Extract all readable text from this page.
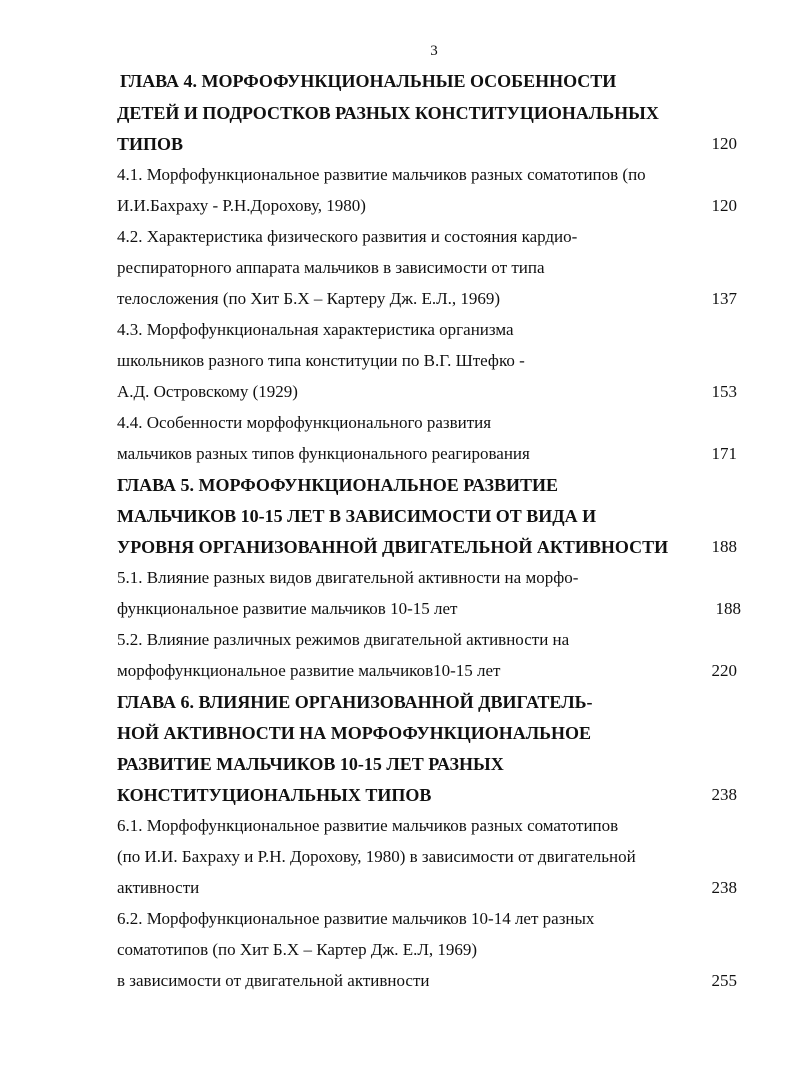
3
ГЛАВА 4. МОРФОФУНКЦИОНАЛЬНЫЕ ОСОБЕННОСТИ
ДЕТЕЙ И ПОДРОСТКОВ РАЗНЫХ КОНСТИТУЦИОНАЛЬНЫХ
ТИПОВ	120
4.1. Морфофункциональное развитие мальчиков разных соматотипов (по
И.И.Бахраху - Р.Н.Дорохову, 1980)	120
4.2. Характеристика физического развития и состояния кардио-
респираторного аппарата мальчиков в зависимости от типа
телосложения (по Хит Б.Х – Картеру Дж. Е.Л., 1969)	137
4.3. Морфофункциональная характеристика организма
школьников разного типа конституции по В.Г. Штефко -
А.Д. Островскому (1929)	153
4.4. Особенности морфофункционального развития
мальчиков разных типов функционального реагирования	171
ГЛАВА 5. МОРФОФУНКЦИОНАЛЬНОЕ РАЗВИТИЕ
МАЛЬЧИКОВ 10-15 ЛЕТ В ЗАВИСИМОСТИ ОТ ВИДА И
УРОВНЯ ОРГАНИЗОВАННОЙ ДВИГАТЕЛЬНОЙ АКТИВНОСТИ	188
5.1. Влияние разных видов двигательной активности на морфо-
функциональное развитие мальчиков 10-15 лет	188
5.2. Влияние различных режимов двигательной активности на
морфофункциональное развитие мальчиков10-15 лет	220
ГЛАВА 6. ВЛИЯНИЕ ОРГАНИЗОВАННОЙ ДВИГАТЕЛЬ-
НОЙ АКТИВНОСТИ НА МОРФОФУНКЦИОНАЛЬНОЕ
РАЗВИТИЕ МАЛЬЧИКОВ 10-15 ЛЕТ РАЗНЫХ
КОНСТИТУЦИОНАЛЬНЫХ ТИПОВ	238
6.1. Морфофункциональное развитие мальчиков разных соматотипов
(по И.И. Бахраху и Р.Н. Дорохову, 1980) в зависимости от двигательной
активности	238
6.2. Морфофункциональное развитие мальчиков 10-14 лет разных
соматотипов (по Хит Б.Х – Картер Дж. Е.Л, 1969)
в зависимости от двигательной активности	255
